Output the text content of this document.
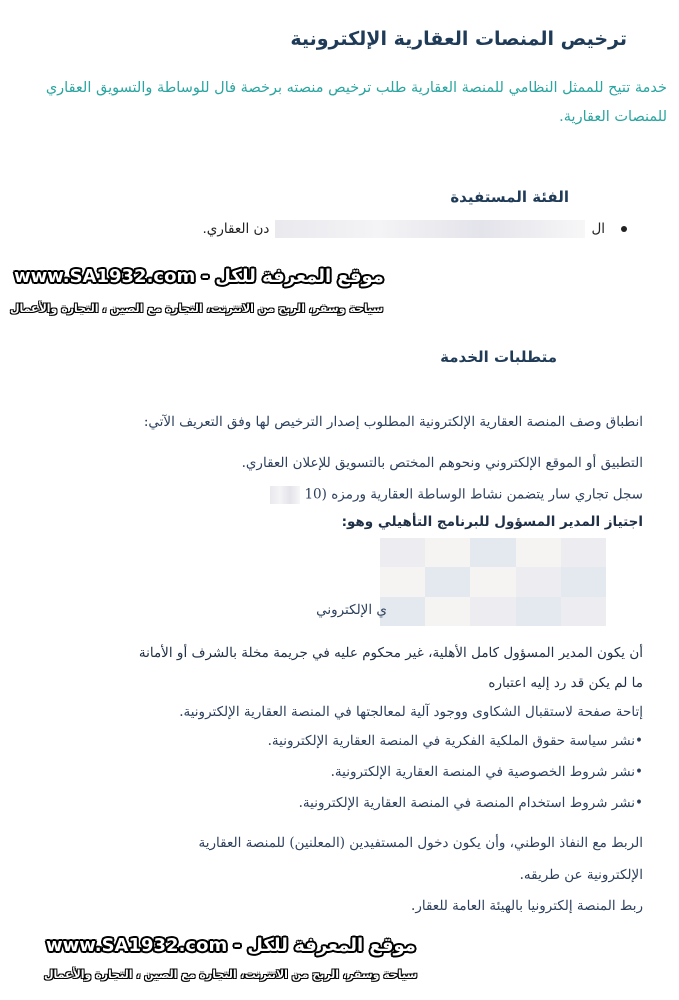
ترخيص المنصات العقارية الإلكترونية
خدمة تتيح للممثل النظامي للمنصة العقارية طلب ترخيص منصته برخصة فال للوساطة والتسويق العقاري للمنصات العقارية.
الفئة المستفيدة
ال
دن العقاري.
موقع المعرفة للكل - www.SA1932.com
سياحة وسفر، الربح من الانترنت، التجارة مع الصين ، التجارة والأعمال
متطلبات الخدمة
انطباق وصف المنصة العقارية الإلكترونية المطلوب إصدار الترخيص لها وفق التعريف الآتي:
التطبيق أو الموقع الإلكتروني ونحوهم المختص بالتسويق للإعلان العقاري.
سجل تجاري سار يتضمن نشاط الوساطة العقارية ورمزه (10
اجتياز المدير المسؤول للبرنامج التأهيلي وهو:
ي الإلكتروني
أن يكون المدير المسؤول كامل الأهلية، غير محكوم عليه في جريمة مخلة بالشرف أو الأمانة
ما لم يكن قد رد إليه اعتباره
إتاحة صفحة لاستقبال الشكاوى ووجود آلية لمعالجتها في المنصة العقارية الإلكترونية.
•نشر سياسة حقوق الملكية الفكرية في المنصة العقارية الإلكترونية.
•نشر شروط الخصوصية في المنصة العقارية الإلكترونية.
•نشر شروط استخدام المنصة في المنصة العقارية الإلكترونية.
الربط مع النفاذ الوطني، وأن يكون دخول المستفيدين (المعلنين) للمنصة العقارية
الإلكترونية عن طريقه.
ربط المنصة إلكترونيا بالهيئة العامة للعقار.
موقع المعرفة للكل - www.SA1932.com
سياحة وسفر، الربح من الانترنت، التجارة مع الصين ، التجارة والأعمال
